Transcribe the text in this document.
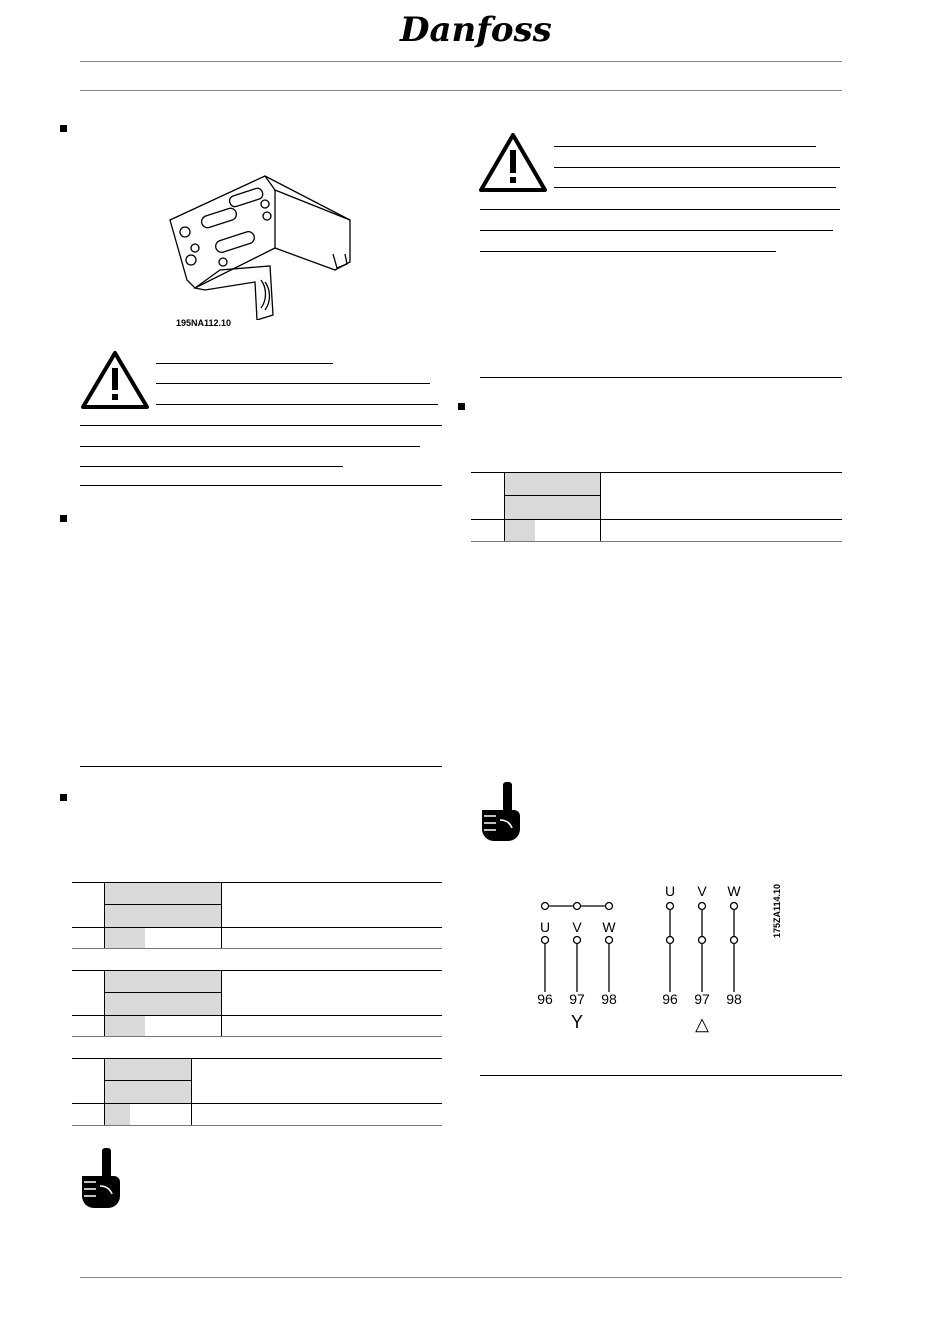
Danfoss
195NA112.10
U V W
96 97 98
Y
U V W
96 97 98
△
175ZA114.10
